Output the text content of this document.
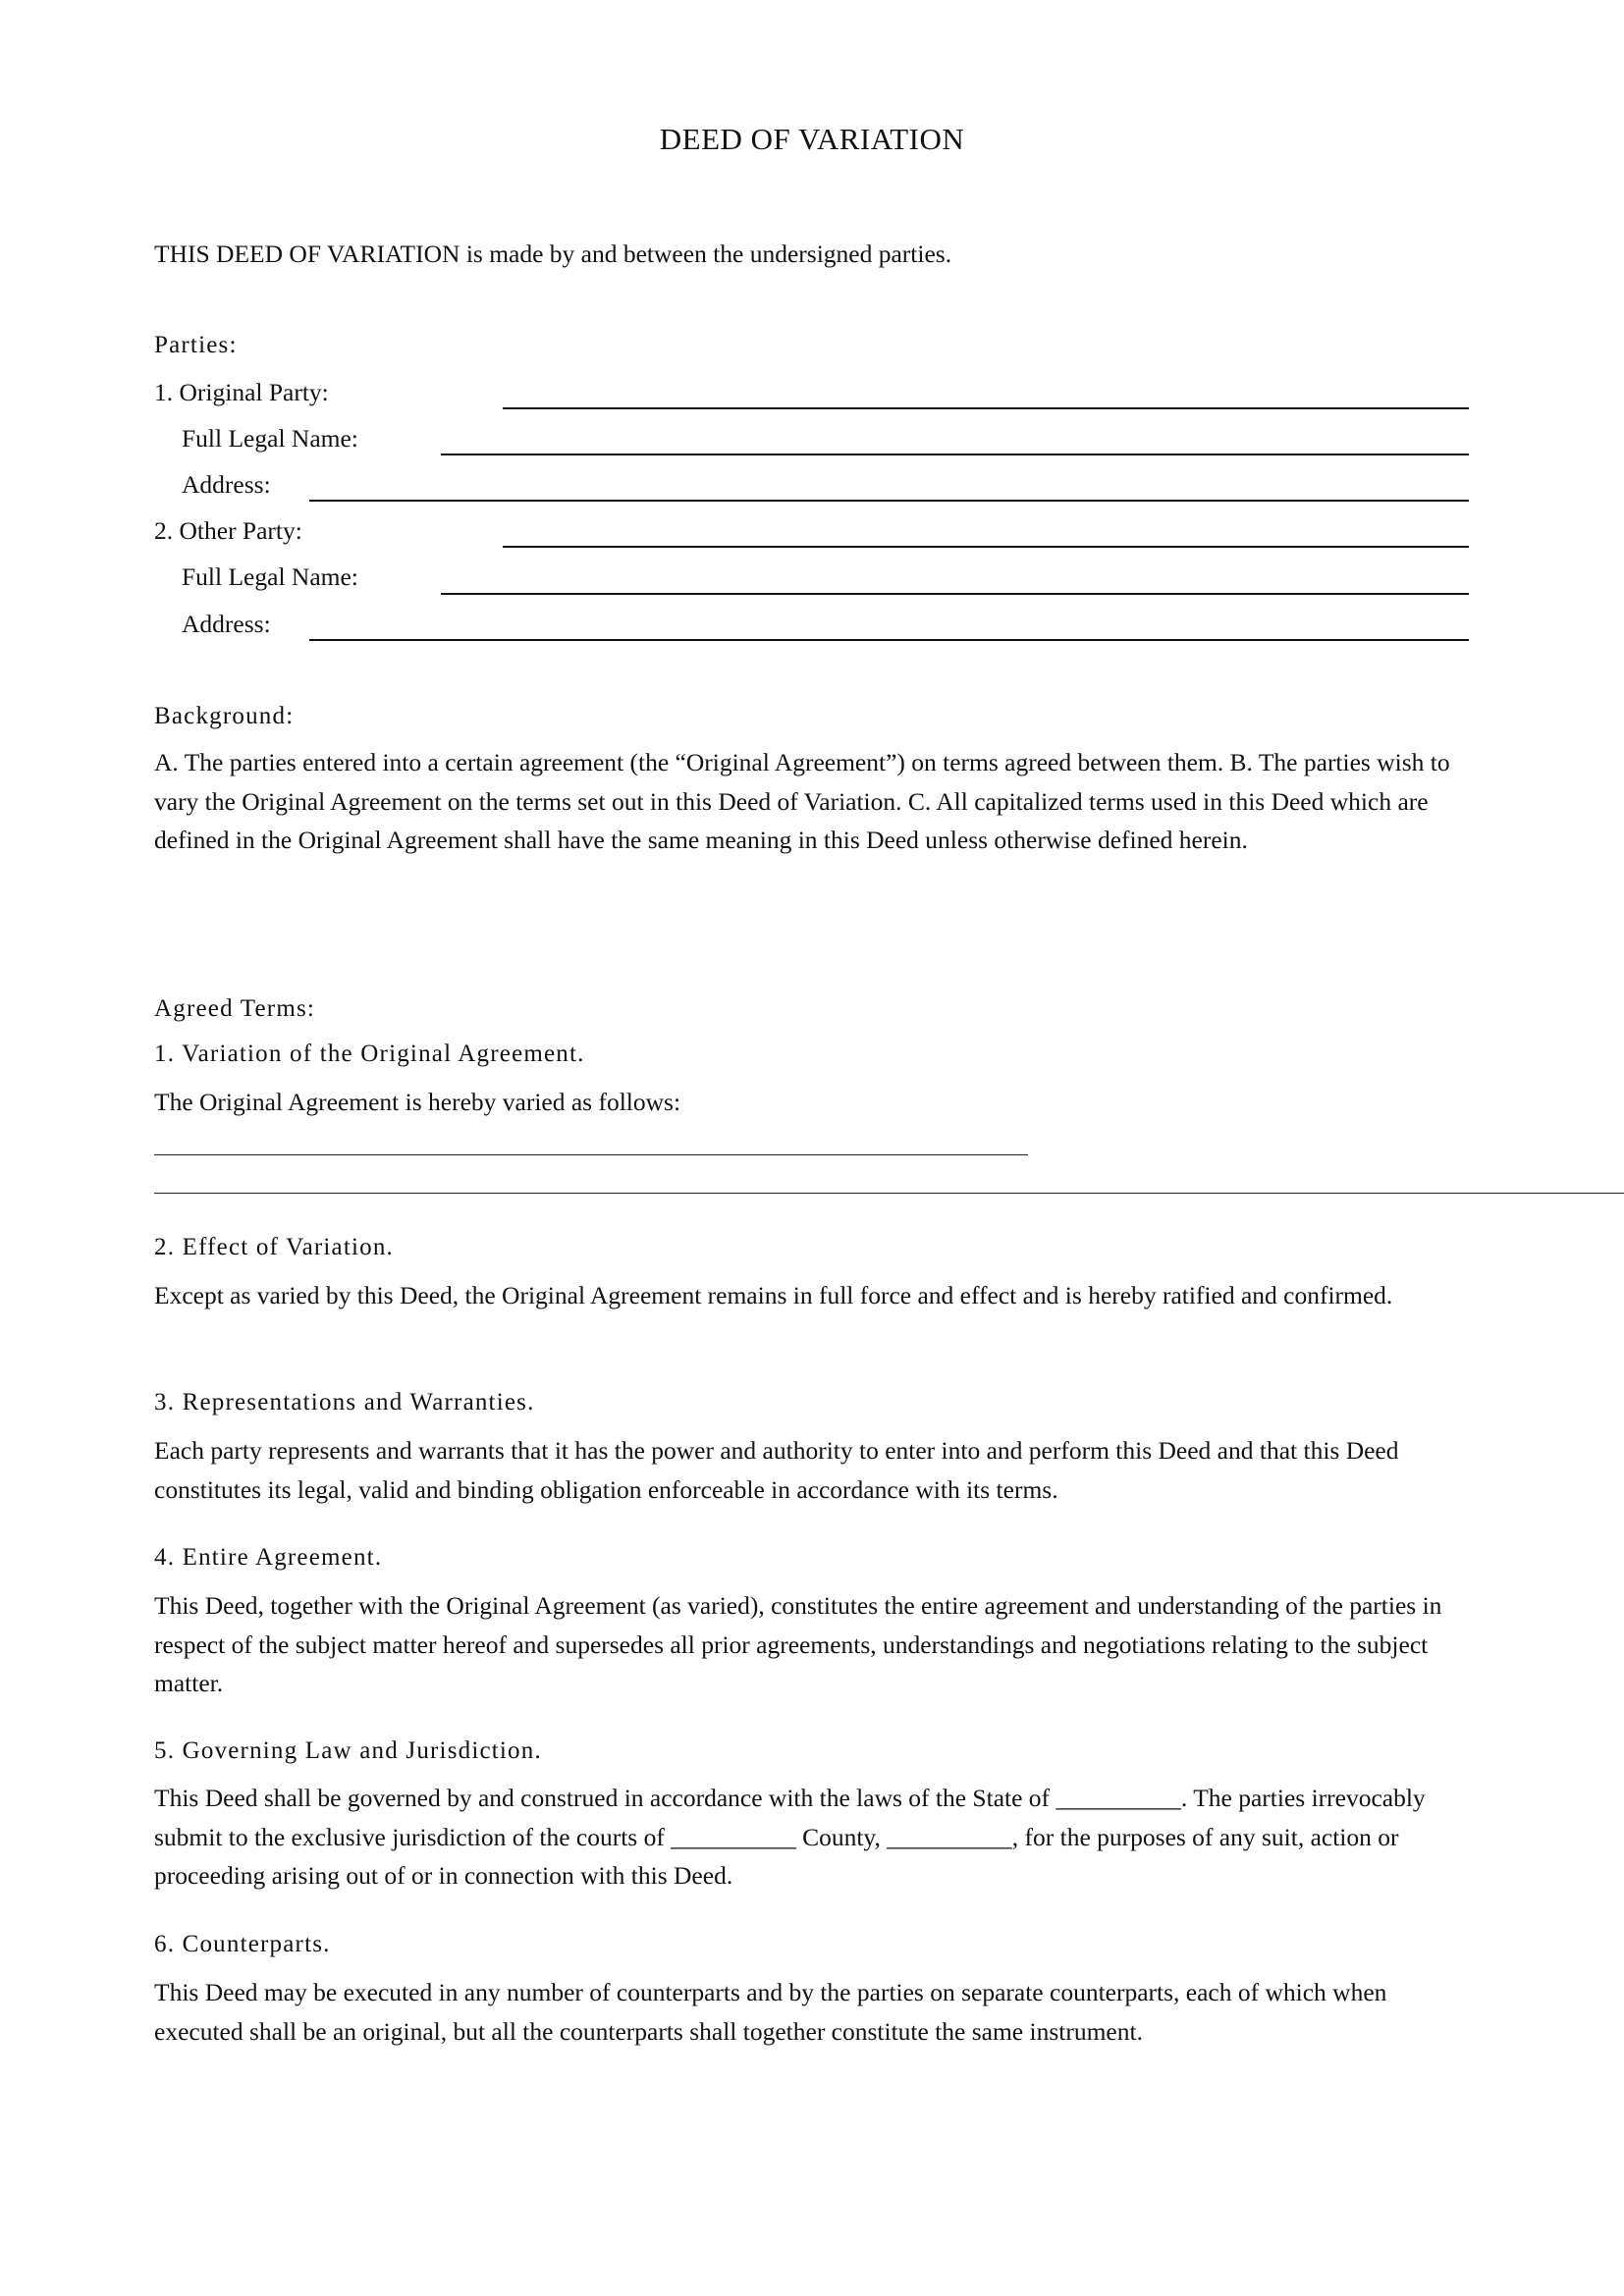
DEED OF VARIATION
THIS DEED OF VARIATION is made by and between the undersigned parties.
Parties:
1. Original Party:
Full Legal Name:
Address:
2. Other Party:
Full Legal Name:
Address:
Background:
A. The parties entered into a certain agreement (the “Original Agreement”) on terms agreed between them. B. The parties wish to vary the Original Agreement on the terms set out in this Deed of Variation. C. All capitalized terms used in this Deed which are defined in the Original Agreement shall have the same meaning in this Deed unless otherwise defined herein.
Agreed Terms:
1. Variation of the Original Agreement.
The Original Agreement is hereby varied as follows:
2. Effect of Variation.
Except as varied by this Deed, the Original Agreement remains in full force and effect and is hereby ratified and confirmed.
3. Representations and Warranties.
Each party represents and warrants that it has the power and authority to enter into and perform this Deed and that this Deed constitutes its legal, valid and binding obligation enforceable in accordance with its terms.
4. Entire Agreement.
This Deed, together with the Original Agreement (as varied), constitutes the entire agreement and understanding of the parties in respect of the subject matter hereof and supersedes all prior agreements, understandings and negotiations relating to the subject matter.
5. Governing Law and Jurisdiction.
This Deed shall be governed by and construed in accordance with the laws of the State of __________. The parties irrevocably submit to the exclusive jurisdiction of the courts of __________ County, __________, for the purposes of any suit, action or proceeding arising out of or in connection with this Deed.
6. Counterparts.
This Deed may be executed in any number of counterparts and by the parties on separate counterparts, each of which when executed shall be an original, but all the counterparts shall together constitute the same instrument.
